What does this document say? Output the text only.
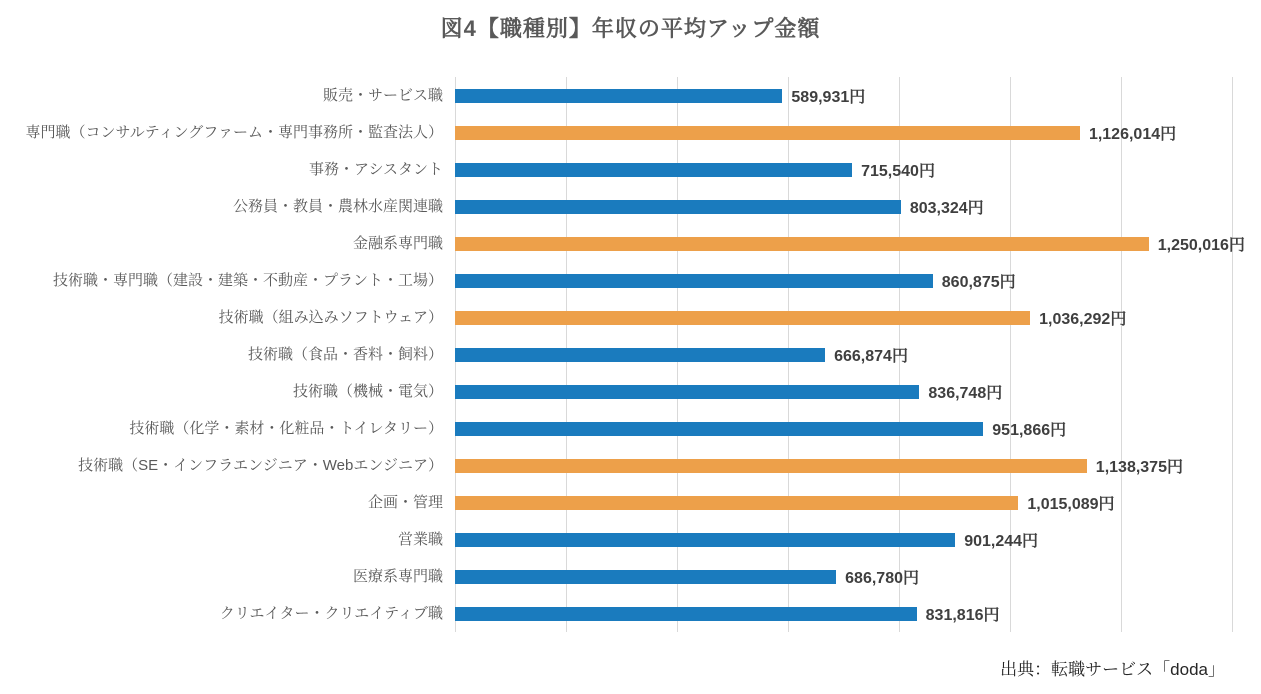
図4【職種別】年収の平均アップ金額
販売・サービス職	589,931円
専門職（コンサルティングファーム・専門事務所・監査法人）	1,126,014円
事務・アシスタント	715,540円
公務員・教員・農林水産関連職	803,324円
金融系専門職	1,250,016円
技術職・専門職（建設・建築・不動産・プラント・工場）	860,875円
技術職（組み込みソフトウェア）	1,036,292円
技術職（食品・香料・飼料）	666,874円
技術職（機械・電気）	836,748円
技術職（化学・素材・化粧品・トイレタリー）	951,866円
技術職（SE・インフラエンジニア・Webエンジニア）	1,138,375円
企画・管理	1,015,089円
営業職	901,244円
医療系専門職	686,780円
クリエイター・クリエイティブ職	831,816円
出典：転職サービス「doda」
